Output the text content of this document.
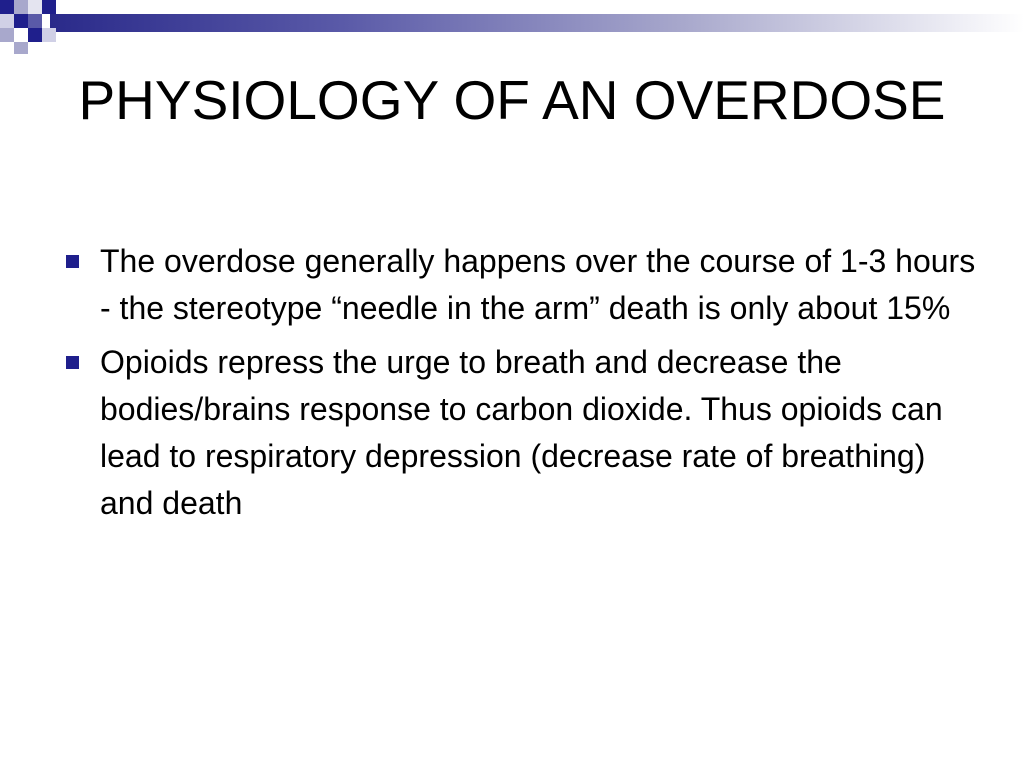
PHYSIOLOGY OF AN OVERDOSE
The overdose generally happens over the course of 1-3 hours - the stereotype “needle in the arm” death is only about 15%
Opioids repress the urge to breath and decrease the bodies/brains response to carbon dioxide. Thus opioids can lead to respiratory depression (decrease rate of breathing) and death
